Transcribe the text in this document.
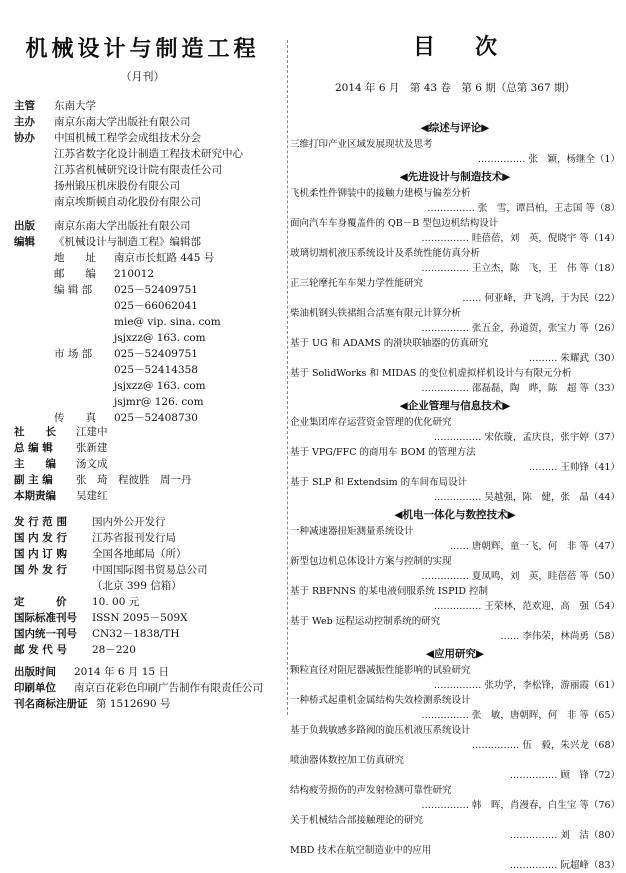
机械设计与制造工程
（月刊）
主管	东南大学
主办	南京东南大学出版社有限公司
协办	中国机械工程学会成组技术分会
江苏省数字化设计制造工程技术研究中心
江苏省机械研究设计院有限责任公司
扬州锻压机床股份有限公司
南京埃斯顿自动化股份有限公司
出版	南京东南大学出版社有限公司
编辑	《机械设计与制造工程》编辑部
地　　址	南京市长虹路 445 号
邮　　编	210012
编 辑 部	025－52409751
025－66062041
mie@ vip. sina. com
jsjxzz@ 163. com
市 场 部	025－52409751
025－52414358
jsjxzz@ 163. com
jsjmr@ 126. com
传　　真	025－52408730
社　　长	江建中
总 编 辑	张新建
主　　编	汤文成
副 主 编	张　琦　程彼胜　周一丹
本期责编	吴建红
发 行 范 围	国内外公开发行
国 内 发 行	江苏省报刊发行局
国 内 订 购	全国各地邮局（所）
国 外 发 行	中国国际图书贸易总公司
（北京 399 信箱）
定　　　价	10. 00 元
国际标准刊号	ISSN 2095－509X
国内统一刊号	CN32－1838/TH
邮 发 代 号	28－220
出版时间	2014 年 6 月 15 日
印刷单位	南京百花彩色印刷广告制作有限责任公司
刊名商标注册证 第 1512690 号
目次
2014 年 6 月　第 43 卷　第 6 期（总第 367 期）
◀综述与评论▶
三维打印产业区域发展现状及思考
…………… 张　颖，杨继全（1）
◀先进设计与制造技术▶
飞机柔性件铆装中的接触力建模与偏差分析
…………… 张　雪，谭昌柏，王志国 等（8）
面向汽车车身覆盖件的 QB－B 型包边机结构设计
…………… 眭蓓蓓，刘　英，倪晓宇 等（14）
玻璃切割机液压系统设计及系统性能仿真分析
…………… 王立杰，陈　飞，王　伟 等（18）
正三轮摩托车车架力学性能研究
…… 何亚峰，尹飞鸿，于为民（22）
柴油机钢头铁裙组合活塞有限元计算分析
…………… 张五金，孙道贺，张宝力 等（26）
基于 UG 和 ADAMS 的滑块联轴器的仿真研究
……… 朱耀武（30）
基于 SolidWorks 和 MIDAS 的变位机虚拟样机设计与有限元分析
…………… 邵磊磊，陶　晔，陈　超 等（33）
◀企业管理与信息技术▶
企业集团库存运营资金管理的优化研究
…………… 宋依璇，孟庆良，张宇婷（37）
基于 VPG/FFC 的商用车 BOM 的管理方法
……… 王帅锋（41）
基于 SLP 和 Extendsim 的车间布局设计
…………… 吴越强，陈　健，张　晶（44）
◀机电一体化与数控技术▶
一种减速器扭矩测量系统设计
…… 唐朝辉，童一飞，何　非 等（47）
新型包边机总体设计方案与控制的实现
…………… 夏凤鸣，刘　英，眭蓓蓓 等（50）
基于 RBFNNS 的某电液伺服系统 ISPID 控制
…………… 王荣林，范欢迎，高　强（54）
基于 Web 远程运动控制系统的研究
…… 李伟荣，林尚勇（58）
◀应用研究▶
颗粒直径对阻尼器减振性能影响的试验研究
…………… 张功学，李松锋，游丽霞（61）
一种桥式起重机金属结构失效检测系统设计
…………… 张　敏，唐朝晖，何　非 等（65）
基于负载敏感多路阀的旋压机液压系统设计
…………… 伍　毅，朱兴龙（68）
喷油器体数控加工仿真研究
…………… 顾　锋（72）
结构疲劳损伤的声发射检测可靠性研究
…………… 韩　晖，肖漫春，白生宝 等（76）
关于机械结合部接触理论的研究
…………… 刘　洁（80）
MBD 技术在航空制造业中的应用
…………… 阮超峰（83）
